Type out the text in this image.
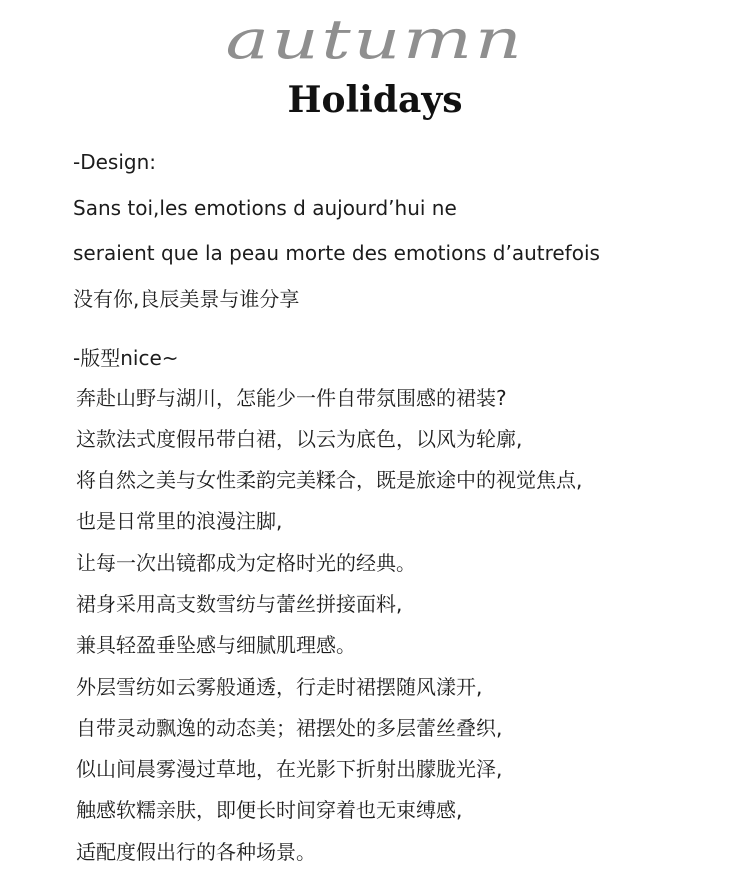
autumn
Holidays
-Design:
Sans toi,les emotions d aujourd’hui ne
seraient que la peau morte des emotions d’autrefois
没有你,良辰美景与谁分享
-版型nice~
奔赴山野与湖川，怎能少一件自带氛围感的裙装?
这款法式度假吊带白裙，以云为底色，以风为轮廓,
将自然之美与女性柔韵完美糅合，既是旅途中的视觉焦点,
也是日常里的浪漫注脚,
让每一次出镜都成为定格时光的经典。
裙身采用高支数雪纺与蕾丝拼接面料,
兼具轻盈垂坠感与细腻肌理感。
外层雪纺如云雾般通透，行走时裙摆随风漾开,
自带灵动飘逸的动态美；裙摆处的多层蕾丝叠织,
似山间晨雾漫过草地，在光影下折射出朦胧光泽,
触感软糯亲肤，即便长时间穿着也无束缚感,
适配度假出行的各种场景。
